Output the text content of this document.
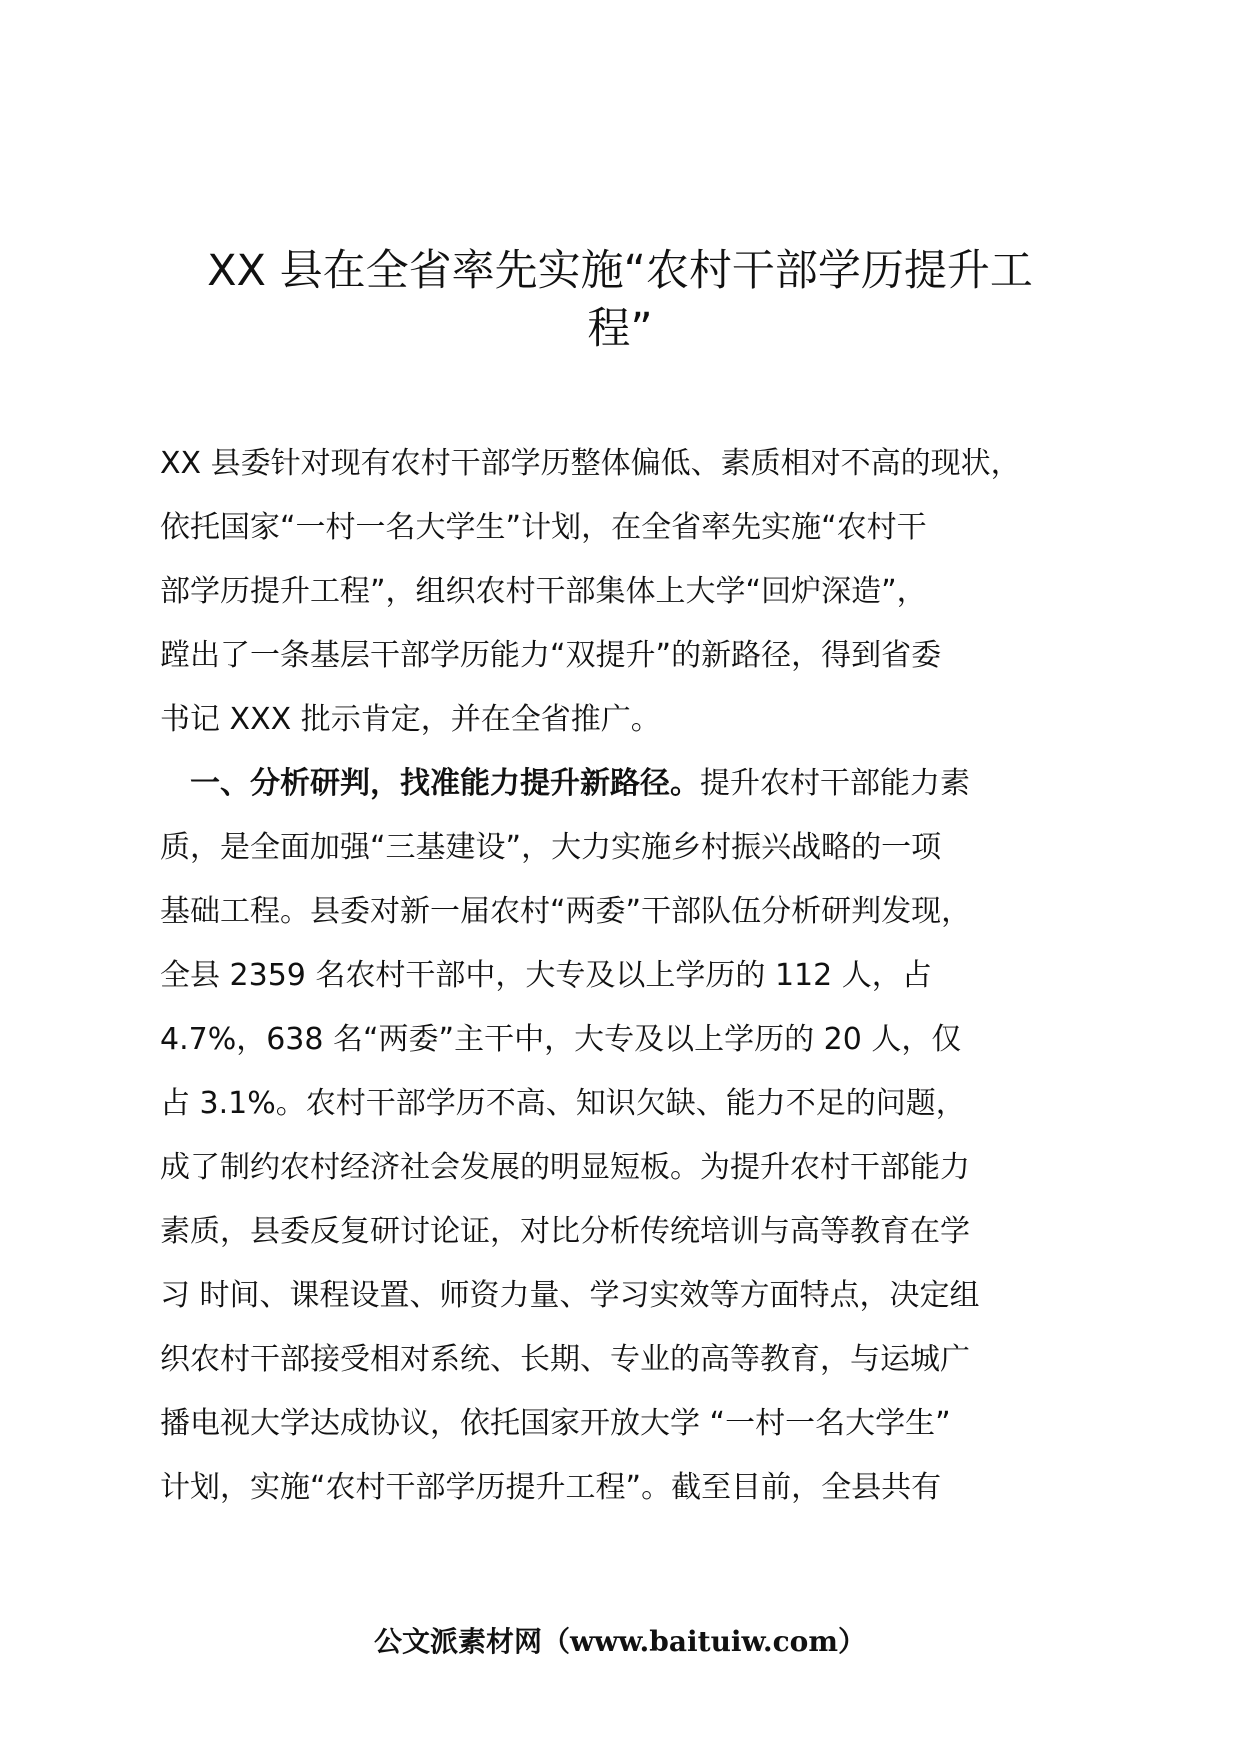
XX 县在全省率先实施“农村干部学历提升工
程”

XX 县委针对现有农村干部学历整体偏低、素质相对不高的现状，

依托国家“一村一名大学生”计划，在全省率先实施“农村干

部学历提升工程”，组织农村干部集体上大学“回炉深造”，

蹚出了一条基层干部学历能力“双提升”的新路径，得到省委

书记 XXX 批示肯定，并在全省推广。

一、分析研判，找准能力提升新路径。提升农村干部能力素

质，是全面加强“三基建设”，大力实施乡村振兴战略的一项

基础工程。县委对新一届农村“两委”干部队伍分析研判发现，

全县 2359 名农村干部中，大专及以上学历的 112 人，占

4.7%，638 名“两委”主干中，大专及以上学历的 20 人，仅

占 3.1%。农村干部学历不高、知识欠缺、能力不足的问题，

成了制约农村经济社会发展的明显短板。为提升农村干部能力

素质，县委反复研讨论证，对比分析传统培训与高等教育在学

习 时间、课程设置、师资力量、学习实效等方面特点，决定组

织农村干部接受相对系统、长期、专业的高等教育，与运城广

播电视大学达成协议，依托国家开放大学 “一村一名大学生”

计划，实施“农村干部学历提升工程”。截至目前，全县共有

公文派素材网（www.baituiw.com）
